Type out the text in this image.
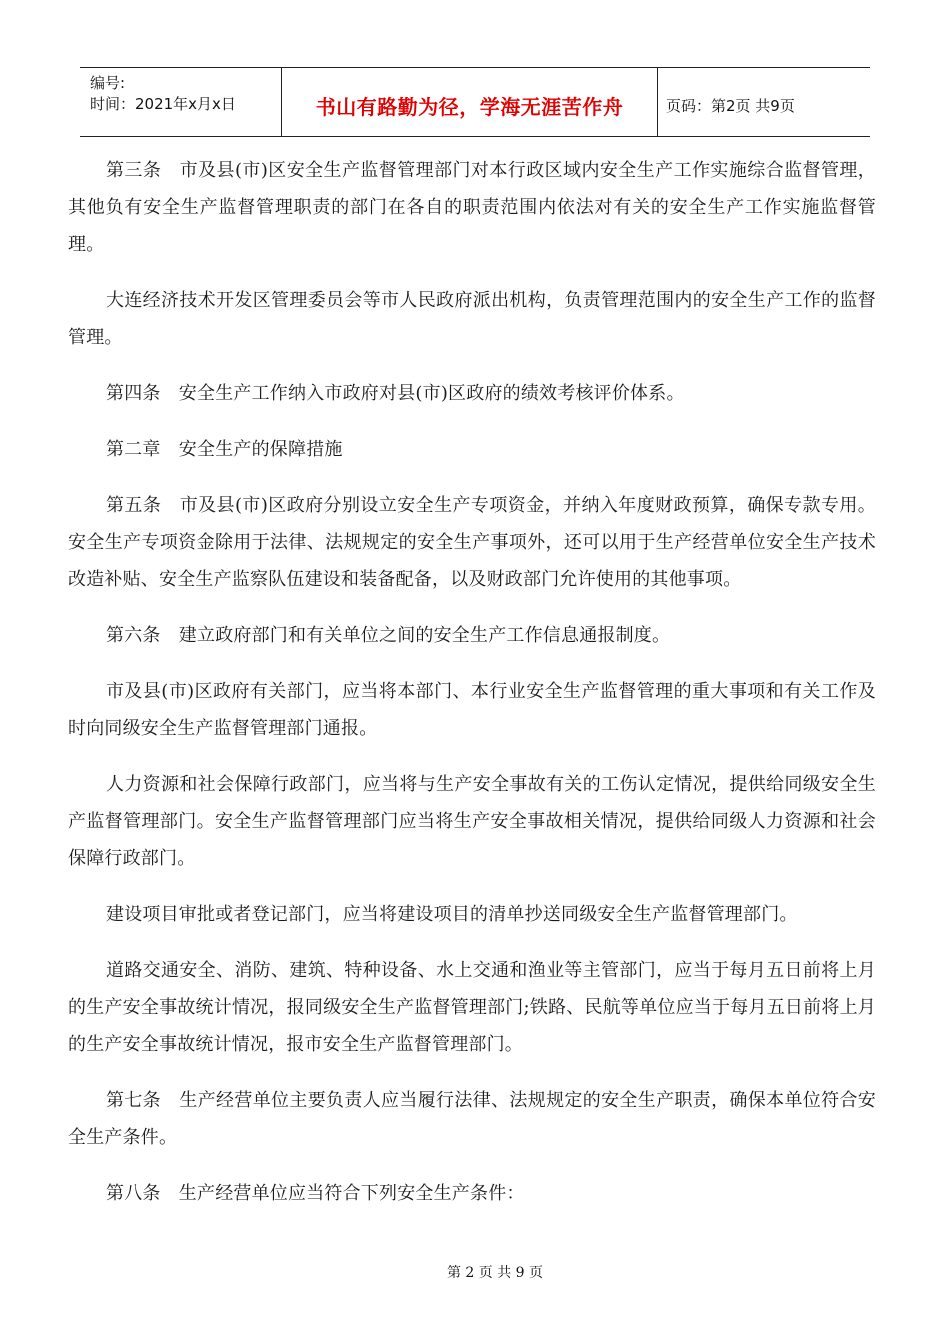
编号:
时间：2021年x月x日	书山有路勤为径，学海无涯苦作舟	页码：第2页 共9页

第三条　市及县(市)区安全生产监督管理部门对本行政区域内安全生产工作实施综合监督管理，其他负有安全生产监督管理职责的部门在各自的职责范围内依法对有关的安全生产工作实施监督管理。

大连经济技术开发区管理委员会等市人民政府派出机构，负责管理范围内的安全生产工作的监督管理。

第四条　安全生产工作纳入市政府对县(市)区政府的绩效考核评价体系。

第二章　安全生产的保障措施

第五条　市及县(市)区政府分别设立安全生产专项资金，并纳入年度财政预算，确保专款专用。安全生产专项资金除用于法律、法规规定的安全生产事项外，还可以用于生产经营单位安全生产技术改造补贴、安全生产监察队伍建设和装备配备，以及财政部门允许使用的其他事项。

第六条　建立政府部门和有关单位之间的安全生产工作信息通报制度。

市及县(市)区政府有关部门，应当将本部门、本行业安全生产监督管理的重大事项和有关工作及时向同级安全生产监督管理部门通报。

人力资源和社会保障行政部门，应当将与生产安全事故有关的工伤认定情况，提供给同级安全生产监督管理部门。安全生产监督管理部门应当将生产安全事故相关情况，提供给同级人力资源和社会保障行政部门。

建设项目审批或者登记部门，应当将建设项目的清单抄送同级安全生产监督管理部门。

道路交通安全、消防、建筑、特种设备、水上交通和渔业等主管部门，应当于每月五日前将上月的生产安全事故统计情况，报同级安全生产监督管理部门;铁路、民航等单位应当于每月五日前将上月的生产安全事故统计情况，报市安全生产监督管理部门。

第七条　生产经营单位主要负责人应当履行法律、法规规定的安全生产职责，确保本单位符合安全生产条件。

第八条　生产经营单位应当符合下列安全生产条件：

第 2 页 共 9 页
